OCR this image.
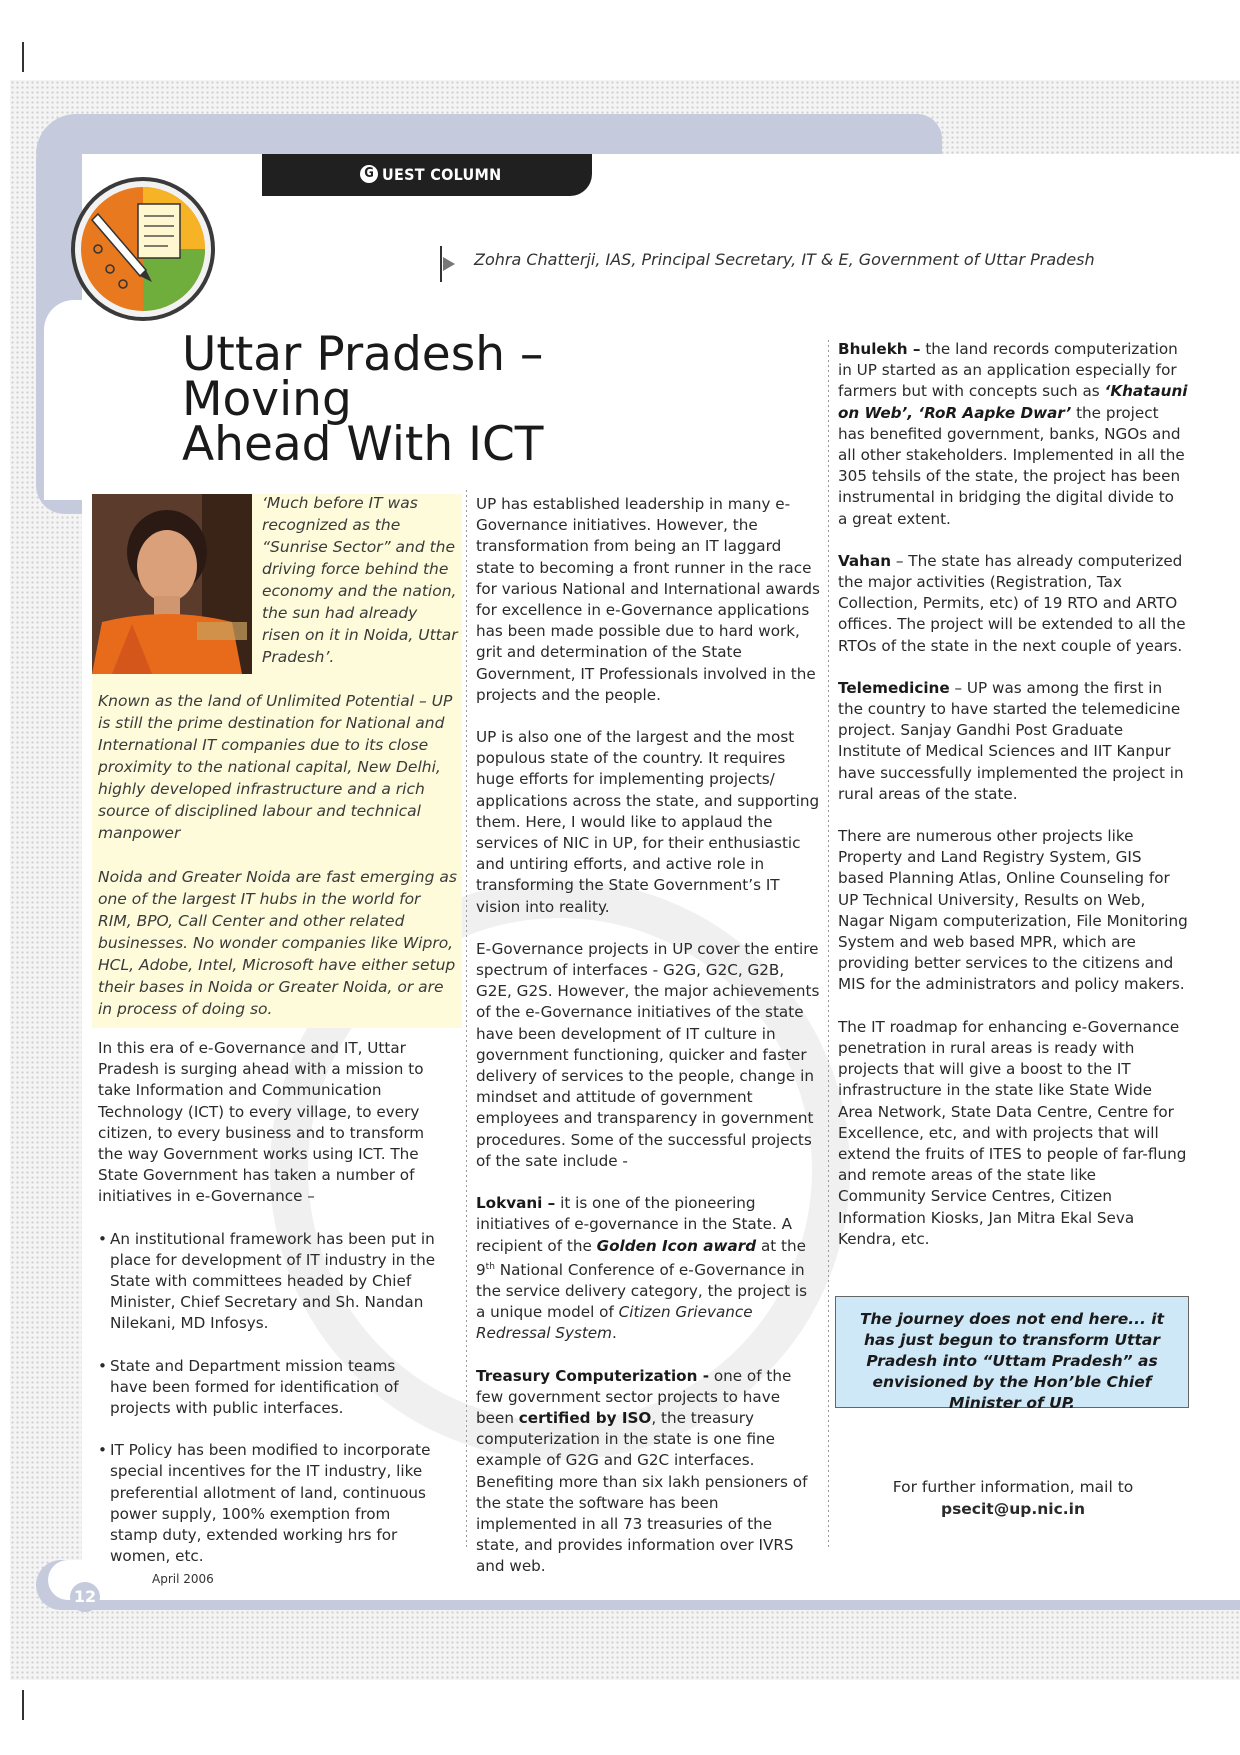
G UEST COLUMN
Zohra Chatterji, IAS, Principal Secretary, IT & E, Government of Uttar Pradesh
Uttar Pradesh – Moving
Ahead With ICT
‘Much before IT was recognized as the “Sunrise Sector” and the driving force behind the economy and the nation, the sun had already risen on it in Noida, Uttar Pradesh’.

Known as the land of Unlimited Potential – UP is still the prime destination for National and International IT companies due to its close proximity to the national capital, New Delhi, highly developed infrastructure and a rich source of disciplined labour and technical manpower

Noida and Greater Noida are fast emerging as one of the largest IT hubs in the world for RIM, BPO, Call Center and other related businesses. No wonder companies like Wipro, HCL, Adobe, Intel, Microsoft have either setup their bases in Noida or Greater Noida, or are in process of doing so.

In this era of e-Governance and IT, Uttar Pradesh is surging ahead with a mission to take Information and Communication Technology (ICT) to every village, to every citizen, to every business and to transform the way Government works using ICT. The State Government has taken a number of initiatives in e-Governance –

• An institutional framework has been put in place for development of IT industry in the State with committees headed by Chief Minister, Chief Secretary and Sh. Nandan Nilekani, MD Infosys.
• State and Department mission teams have been formed for identification of projects with public interfaces.
• IT Policy has been modified to incorporate special incentives for the IT industry, like preferential allotment of land, continuous power supply, 100% exemption from stamp duty, extended working hrs for women, etc.

UP has established leadership in many e-Governance initiatives. However, the transformation from being an IT laggard state to becoming a front runner in the race for various National and International awards for excellence in e-Governance applications has been made possible due to hard work, grit and determination of the State Government, IT Professionals involved in the projects and the people.

UP is also one of the largest and the most populous state of the country. It requires huge efforts for implementing projects/ applications across the state, and supporting them. Here, I would like to applaud the services of NIC in UP, for their enthusiastic and untiring efforts, and active role in transforming the State Government’s IT vision into reality.

E-Governance projects in UP cover the entire spectrum of interfaces - G2G, G2C, G2B, G2E, G2S. However, the major achievements of the e-Governance initiatives of the state have been development of IT culture in government functioning, quicker and faster delivery of services to the people, change in mindset and attitude of government employees and transparency in government procedures. Some of the successful projects of the sate include -

Lokvani – it is one of the pioneering initiatives of e-governance in the State. A recipient of the Golden Icon award at the 9th National Conference of e-Governance in the service delivery category, the project is a unique model of Citizen Grievance Redressal System.

Treasury Computerization - one of the few government sector projects to have been certified by ISO, the treasury computerization in the state is one fine example of G2G and G2C interfaces. Benefiting more than six lakh pensioners of the state the software has been implemented in all 73 treasuries of the state, and provides information over IVRS and web.

Bhulekh – the land records computerization in UP started as an application especially for farmers but with concepts such as ‘Khatauni on Web’, ‘RoR Aapke Dwar’ the project has benefited government, banks, NGOs and all other stakeholders. Implemented in all the 305 tehsils of the state, the project has been instrumental in bridging the digital divide to a great extent.

Vahan – The state has already computerized the major activities (Registration, Tax Collection, Permits, etc) of 19 RTO and ARTO offices. The project will be extended to all the RTOs of the state in the next couple of years.

Telemedicine – UP was among the first in the country to have started the telemedicine project. Sanjay Gandhi Post Graduate Institute of Medical Sciences and IIT Kanpur have successfully implemented the project in rural areas of the state.

There are numerous other projects like Property and Land Registry System, GIS based Planning Atlas, Online Counseling for UP Technical University, Results on Web, Nagar Nigam computerization, File Monitoring System and web based MPR, which are providing better services to the citizens and MIS for the administrators and policy makers.

The IT roadmap for enhancing e-Governance penetration in rural areas is ready with projects that will give a boost to the IT infrastructure in the state like State Wide Area Network, State Data Centre, Centre for Excellence, etc, and with projects that will extend the fruits of ITES to people of far-flung and remote areas of the state like Community Service Centres, Citizen Information Kiosks, Jan Mitra Ekal Seva Kendra, etc.

The journey does not end here... it has just begun to transform Uttar Pradesh into “Uttam Pradesh” as envisioned by the Hon’ble Chief Minister of UP.
For further information, mail to
psecit@up.nic.in
12
April 2006
